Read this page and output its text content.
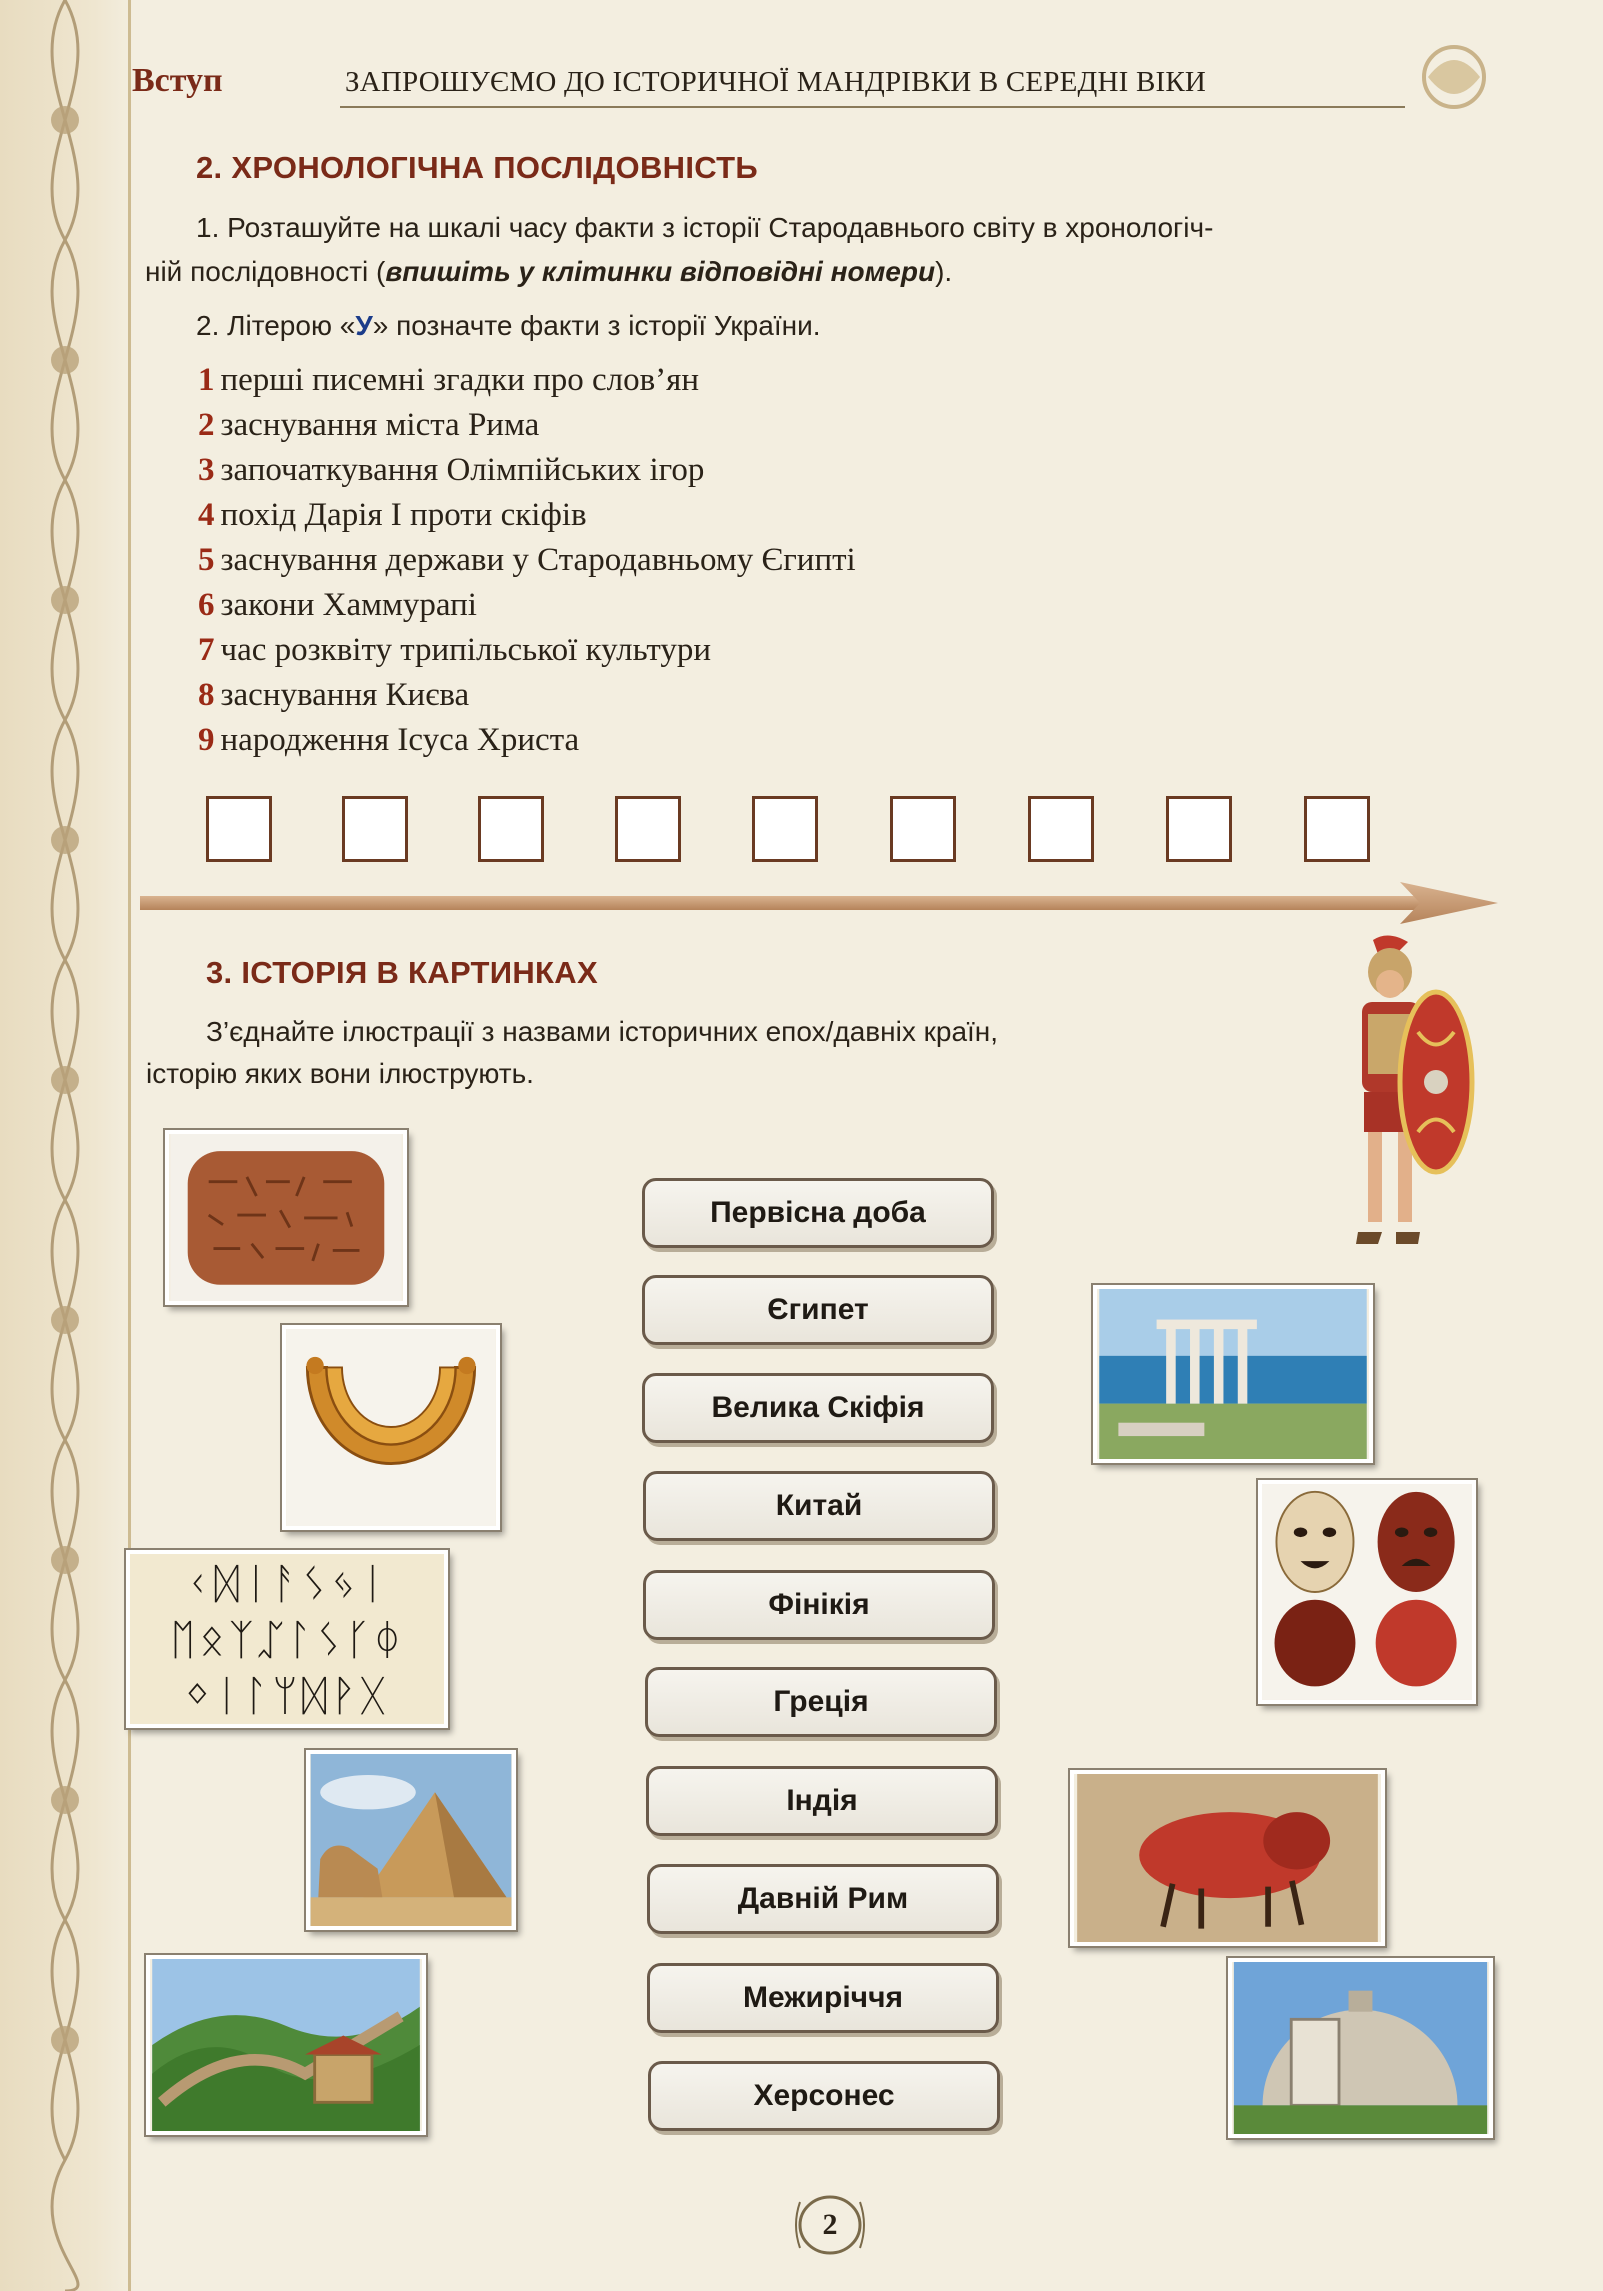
Вступ	ЗАПРОШУЄМО ДО ІСТОРИЧНОЇ МАНДРІВКИ В СЕРЕДНІ ВІКИ
2. ХРОНОЛОГІЧНА ПОСЛІДОВНІСТЬ
1. Розташуйте на шкалі часу факти з історії Стародавнього світу в хронологіч-
ній послідовності (впишіть у клітинки відповідні номери).
2. Літерою «У» позначте факти з історії України.
1 перші писемні згадки про слов’ян
2 заснування міста Рима
3 започаткування Олімпійських ігор
4 похід Дарія І проти скіфів
5 заснування держави у Стародавньому Єгипті
6 закони Хаммурапі
7 час розквіту трипільської культури
8 заснування Києва
9 народження Ісуса Христа
3. ІСТОРІЯ В КАРТИНКАХ
З’єднайте ілюстрації з назвами історичних епох/давніх країн,
історію яких вони ілюструють.
Первісна доба
Єгипет
Велика Скіфія
Китай
Фінікія
Греція
Індія
Давній Рим
Межиріччя
Херсонес
ᚲᛞᛁᚨᛊᛃᛁ
ᛖᛟᛉᛢᛚᛊᚴᛰ
ᛜᛁᛚᛘᛞᚹᚷ
2
